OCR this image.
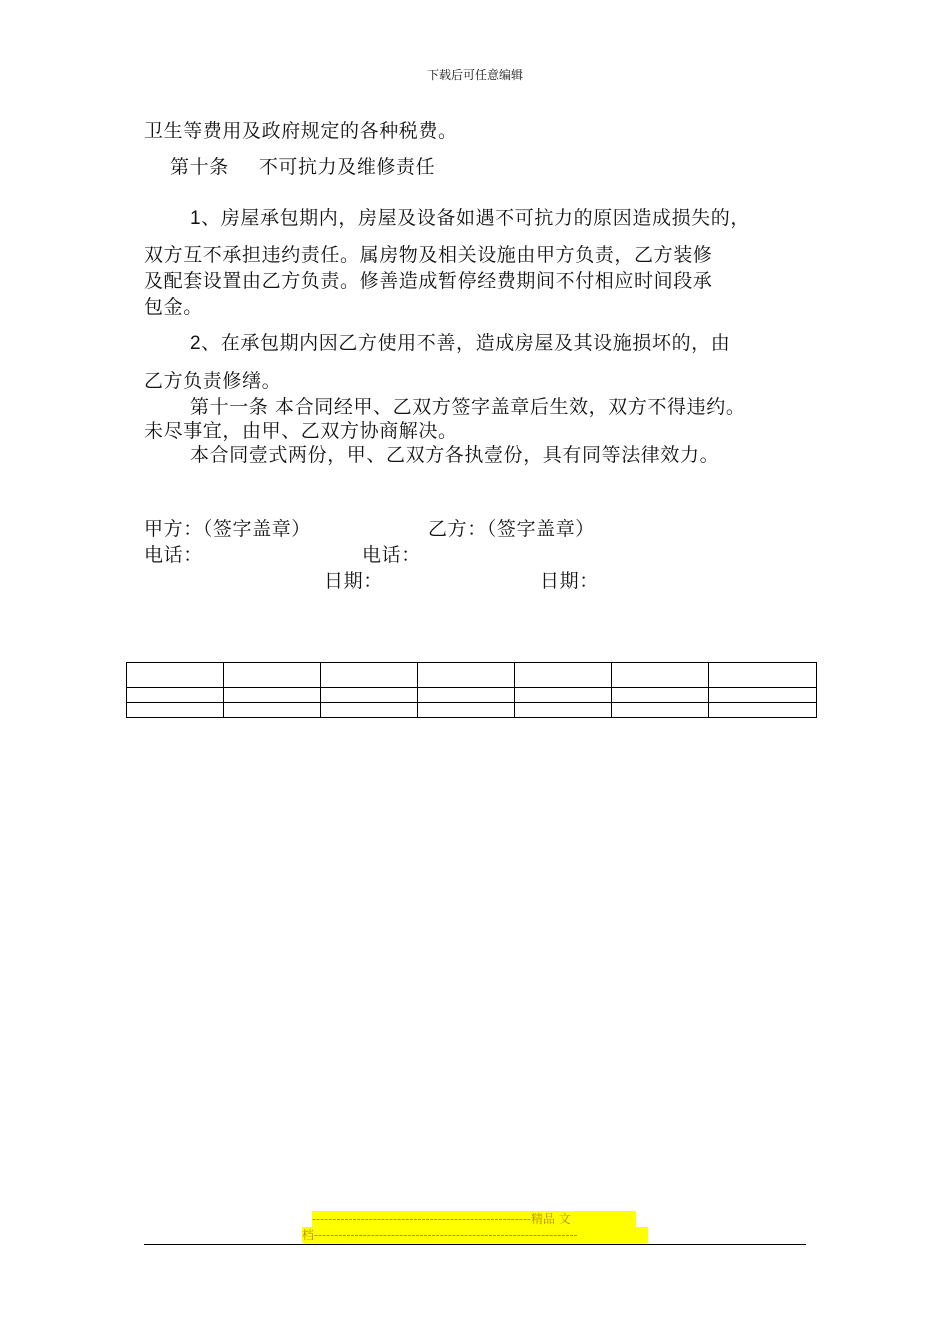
下载后可任意编辑
卫生等费用及政府规定的各种税费。
第十条 不可抗力及维修责任
1、房屋承包期内，房屋及设备如遇不可抗力的原因造成损失的，
双方互不承担违约责任。属房物及相关设施由甲方负责，乙方装修
及配套设置由乙方负责。修善造成暂停经费期间不付相应时间段承
包金。
2、在承包期内因乙方使用不善，造成房屋及其设施损坏的，由
乙方负责修缮。
第十一条 本合同经甲、乙双方签字盖章后生效，双方不得违约。
未尽事宜，由甲、乙双方协商解决。
本合同壹式两份，甲、乙双方各执壹份，具有同等法律效力。
甲方：（签字盖章）	乙方：（签字盖章）
电话：	电话：
日期：	日期：

------------------------------------------------------精品 文
档-----------------------------------------------------------------
